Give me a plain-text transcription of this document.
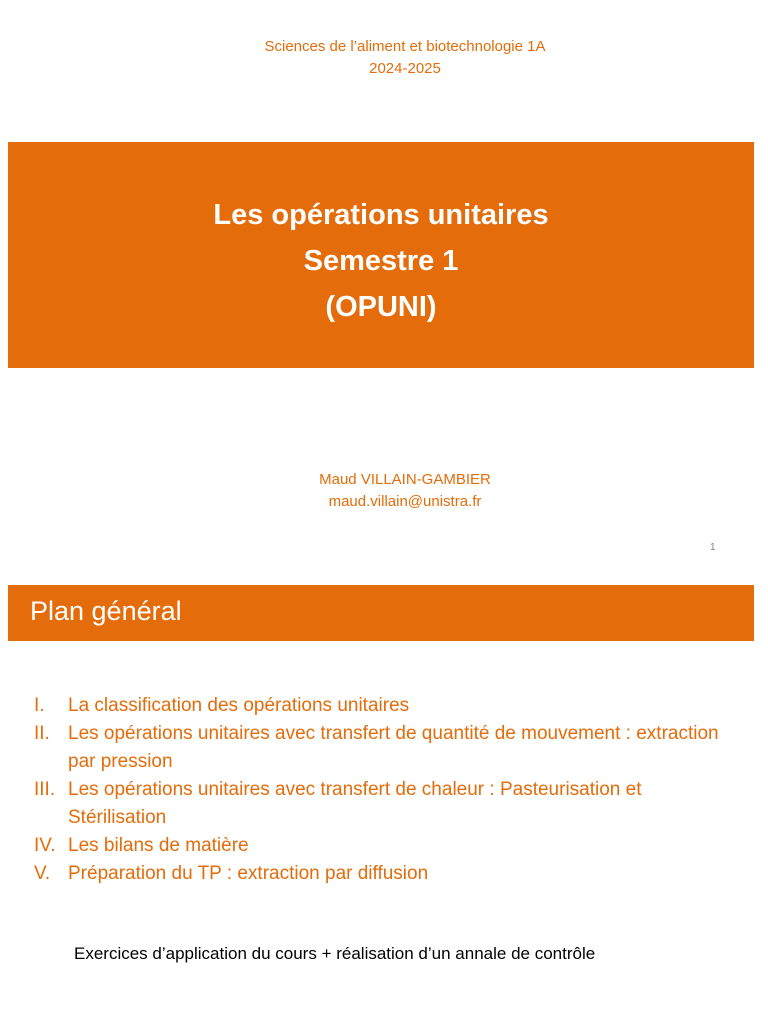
Sciences de l’aliment et biotechnologie 1A
2024-2025
Les opérations unitaires
Semestre 1
(OPUNI)
Maud VILLAIN-GAMBIER
maud.villain@unistra.fr
1
Plan général
I.	La classification des opérations unitaires
II. Les opérations unitaires avec transfert de quantité de mouvement : extraction par pression
III. Les opérations unitaires avec transfert de chaleur : Pasteurisation et Stérilisation
IV. Les bilans de matière
V. Préparation du TP : extraction par diffusion
Exercices d’application du cours + réalisation d’un annale de contrôle
